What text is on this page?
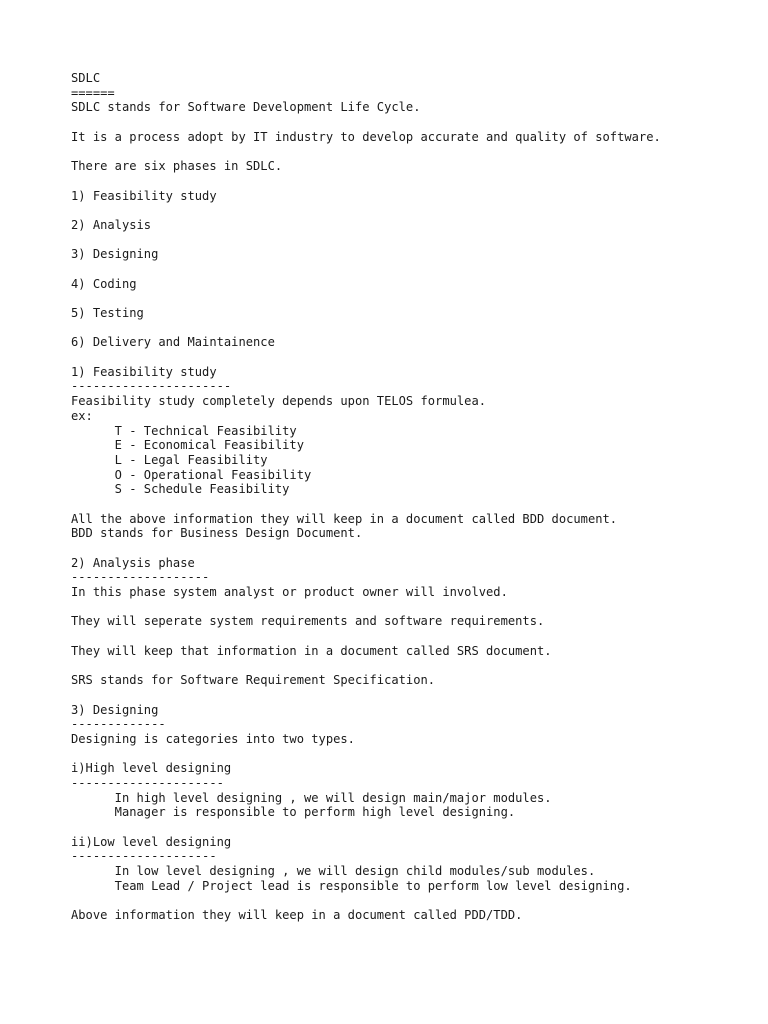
SDLC
======
SDLC stands for Software Development Life Cycle.
It is a process adopt by IT industry to develop accurate and quality of software.
There are six phases in SDLC.
1) Feasibility study
2) Analysis
3) Designing
4) Coding
5) Testing
6) Delivery and Maintainence
1) Feasibility study
----------------------
Feasibility study completely depends upon TELOS formulea.
ex:
T - Technical Feasibility
E - Economical Feasibility
L - Legal Feasibility
O - Operational Feasibility
S - Schedule Feasibility
All the above information they will keep in a document called BDD document.
BDD stands for Business Design Document.
2) Analysis phase
-------------------
In this phase system analyst or product owner will involved.
They will seperate system requirements and software requirements.
They will keep that information in a document called SRS document.
SRS stands for Software Requirement Specification.
3) Designing
-------------
Designing is categories into two types.
i)High level designing
---------------------
In high level designing , we will design main/major modules.
Manager is responsible to perform high level designing.
ii)Low level designing
--------------------
In low level designing , we will design child modules/sub modules.
Team Lead / Project lead is responsible to perform low level designing.
Above information they will keep in a document called PDD/TDD.
